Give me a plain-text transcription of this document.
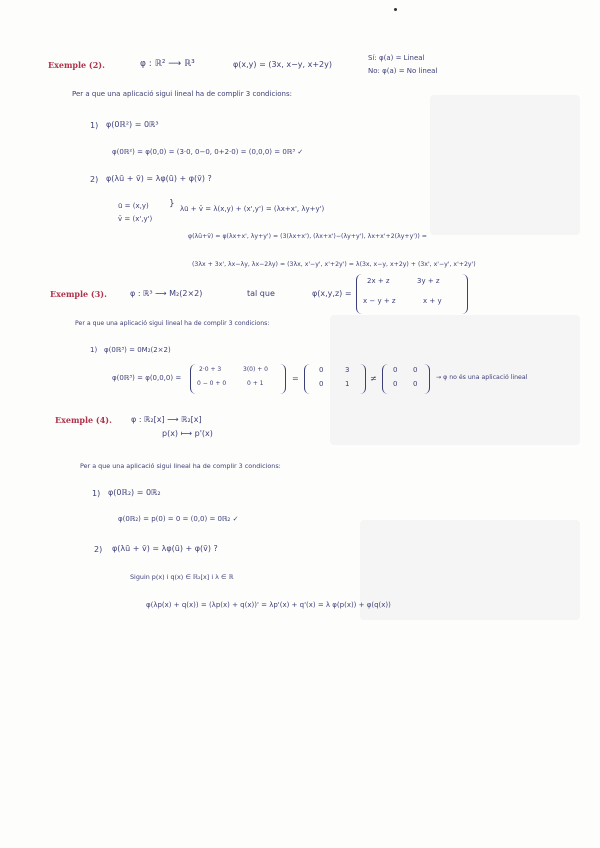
Exemple (2).	φ : ℝ² ⟶ ℝ³	φ(x,y) = (3x, x−y, x+2y)
Sí: φ(a) = Lineal
No: φ(a) = No lineal
Per a que una aplicació sigui lineal ha de complir 3 condicions:
1) φ(0ℝ²) = 0ℝ³
φ(0ℝ²) = φ(0,0) = (3·0, 0−0, 0+2·0) = (0,0,0) = 0ℝ³ ✓
2) φ(λū + v̄) = λφ(ū) + φ(v̄) ?
ū = (x,y)
v̄ = (x',y')
} λū + v̄ = λ(x,y) + (x',y') = (λx+x', λy+y')
φ(λū+v̄) = φ(λx+x', λy+y') = (3(λx+x'), (λx+x')−(λy+y'), λx+x'+2(λy+y')) =
(3λx + 3x', λx−λy, λx−2λy) = (3λx, x'−y', x'+2y') = λ(3x, x−y, x+2y) + (3x', x'−y', x'+2y')
Exemple (3).	φ : ℝ³ ⟶ M₂(2×2)	tal que	φ(x,y,z) =
2x + z	3y + z
x − y + z	x + y
Per a que una aplicació sigui lineal ha de complir 3 condicions:
1) φ(0ℝ³) = 0M₂(2×2)
φ(0ℝ³) = φ(0,0,0) =
2·0 + 3	3(0) + 0
0 − 0 + 0	0 + 1
=
0	3
0	1
≠
0 0
0 0
→ φ no és una aplicació lineal
Exemple (4). φ : ℝ₂[x] ⟶ ℝ₂[x]
p(x) ⟼ p'(x)
Per a que una aplicació sigui lineal ha de complir 3 condicions:
1) φ(0ℝ₂) = 0ℝ₂
φ(0ℝ₂) = p(0) = 0 = (0,0) = 0ℝ₂ ✓
2) φ(λū + v̄) = λφ(ū) + φ(v̄) ?
Siguin p(x) i q(x) ∈ ℝ₂[x] i λ ∈ ℝ
φ(λp(x) + q(x)) = (λp(x) + q(x))' = λp'(x) + q'(x) = λ φ(p(x)) + φ(q(x))
